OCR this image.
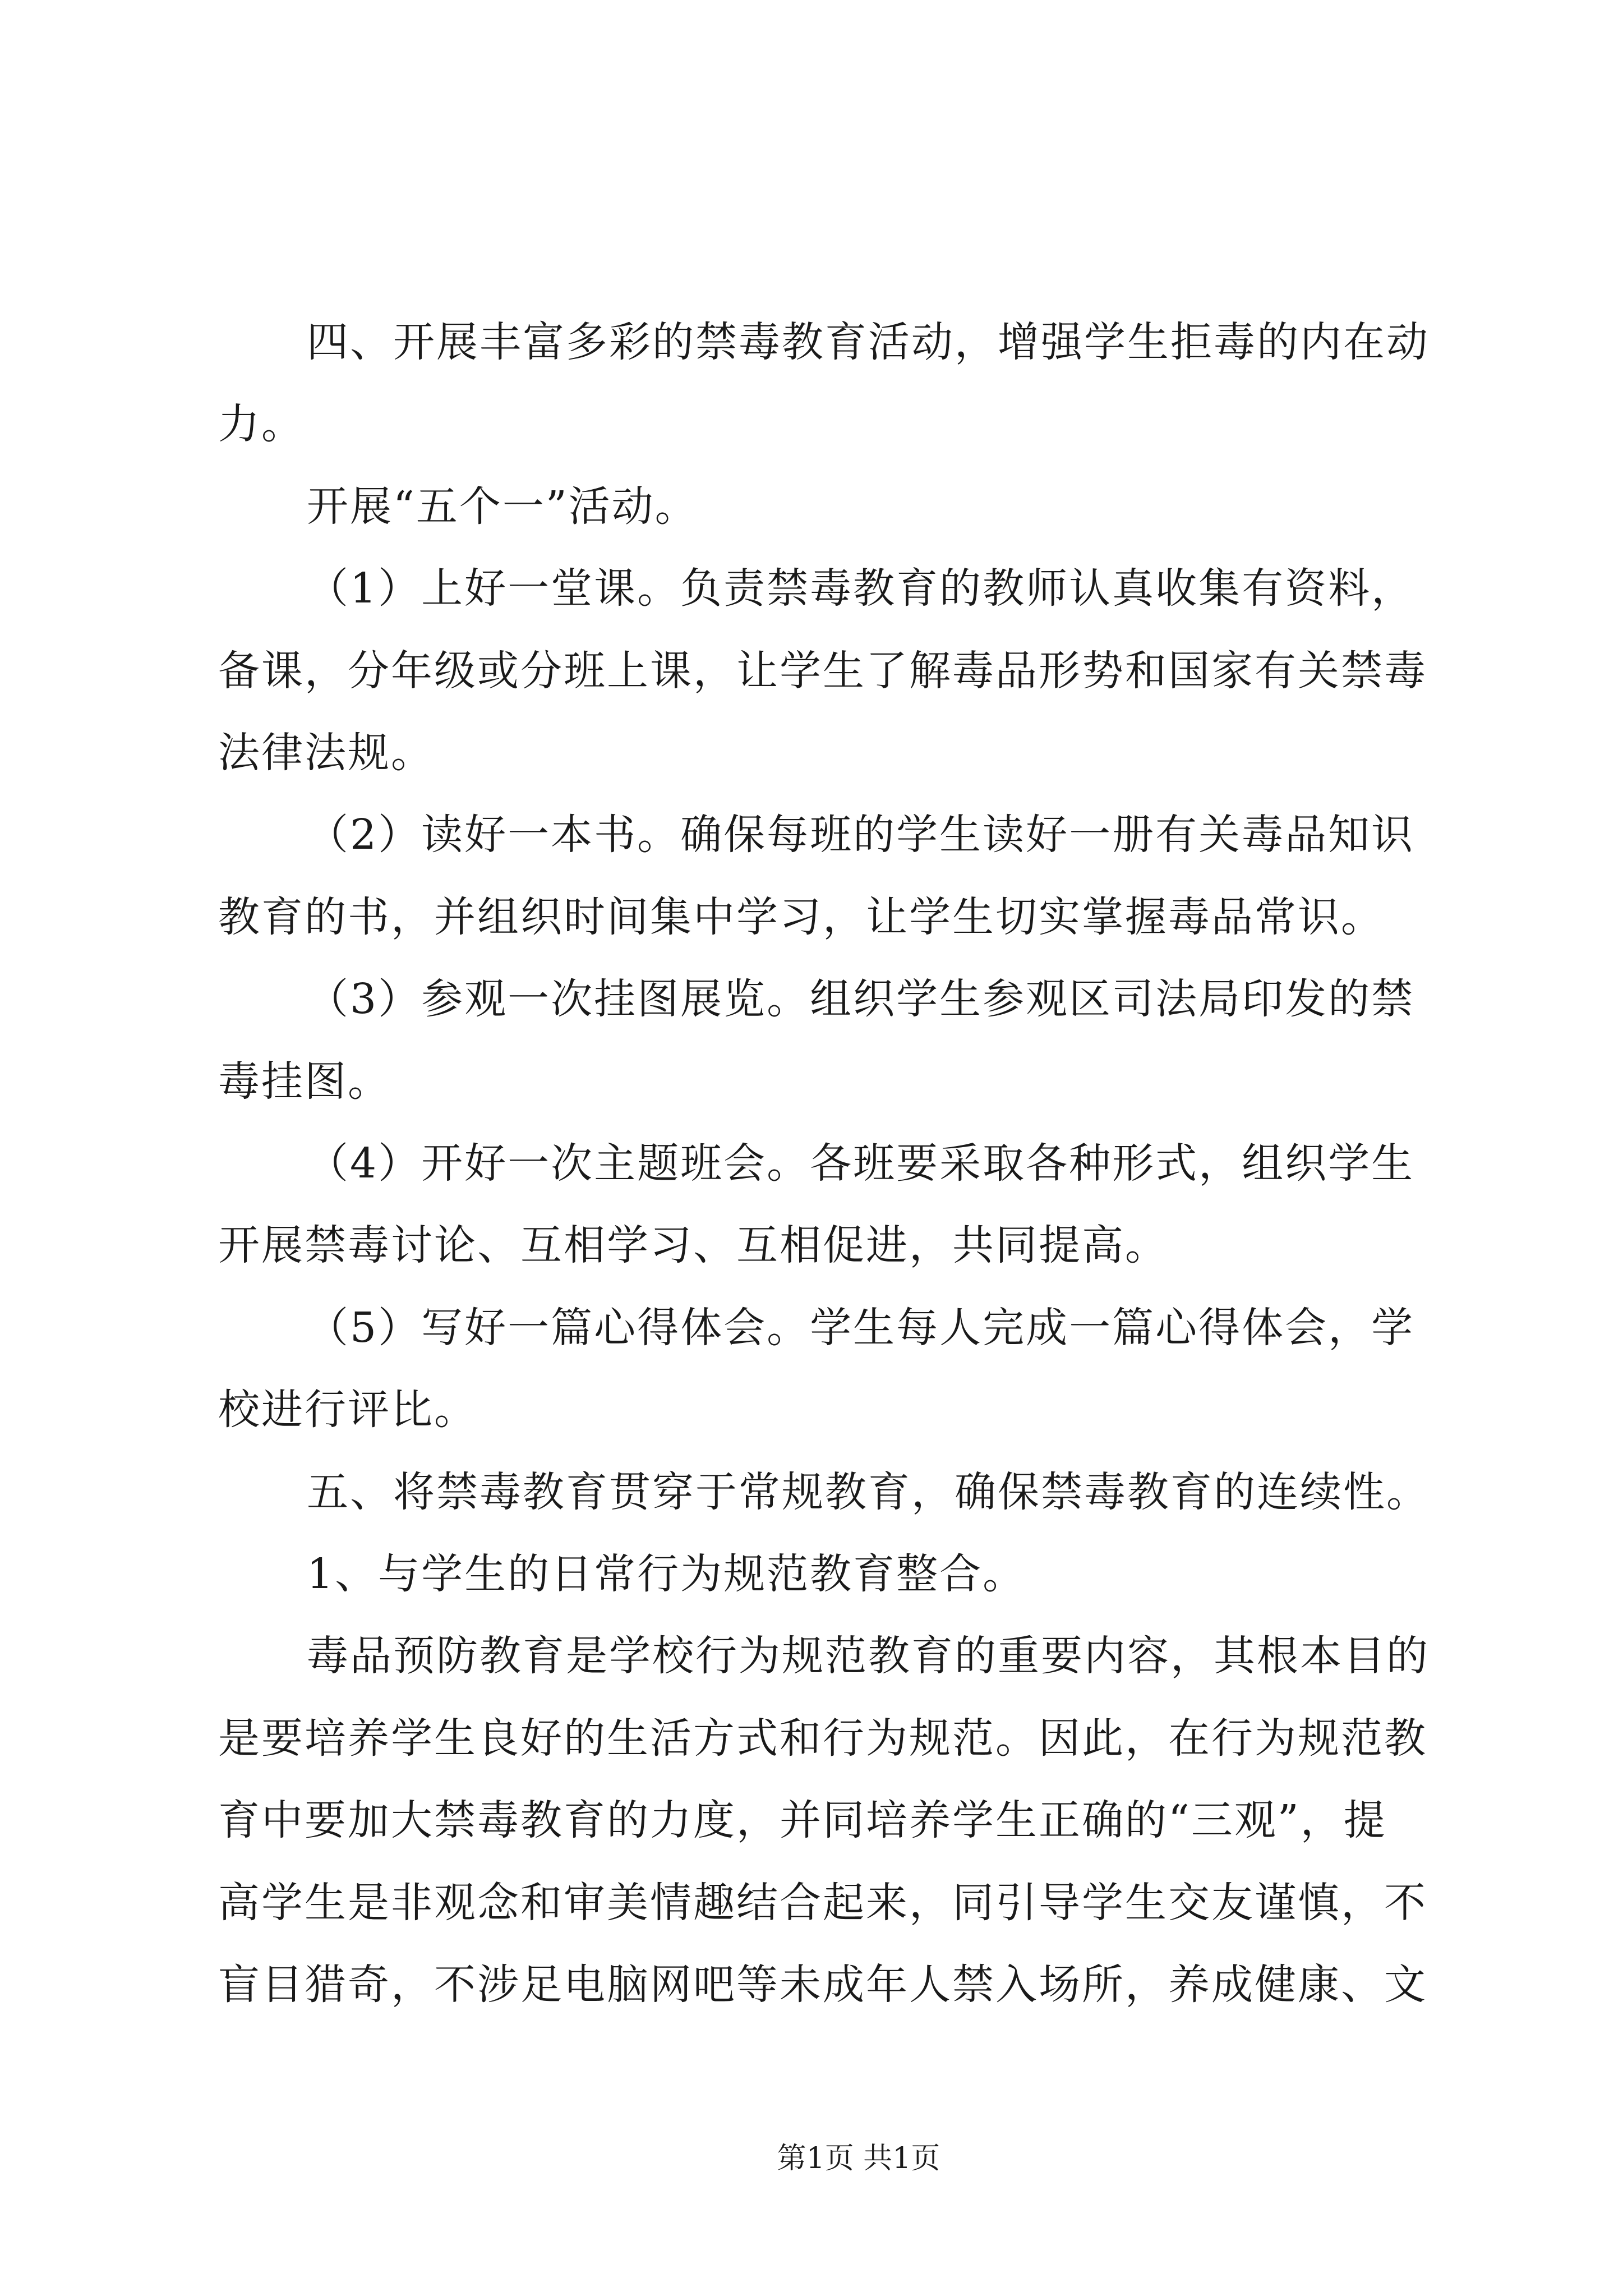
四、开展丰富多彩的禁毒教育活动，增强学生拒毒的内在动
力。
开展“五个一”活动。
（1）上好一堂课。负责禁毒教育的教师认真收集有资料，
备课，分年级或分班上课，让学生了解毒品形势和国家有关禁毒
法律法规。
（2）读好一本书。确保每班的学生读好一册有关毒品知识
教育的书，并组织时间集中学习，让学生切实掌握毒品常识。
（3）参观一次挂图展览。组织学生参观区司法局印发的禁
毒挂图。
（4）开好一次主题班会。各班要采取各种形式，组织学生
开展禁毒讨论、互相学习、互相促进，共同提高。
（5）写好一篇心得体会。学生每人完成一篇心得体会，学
校进行评比。
五、将禁毒教育贯穿于常规教育，确保禁毒教育的连续性。
1、与学生的日常行为规范教育整合。
毒品预防教育是学校行为规范教育的重要内容，其根本目的
是要培养学生良好的生活方式和行为规范。因此，在行为规范教
育中要加大禁毒教育的力度，并同培养学生正确的“三观”，提
高学生是非观念和审美情趣结合起来，同引导学生交友谨慎，不
盲目猎奇，不涉足电脑网吧等未成年人禁入场所，养成健康、文
第1页 共1页
